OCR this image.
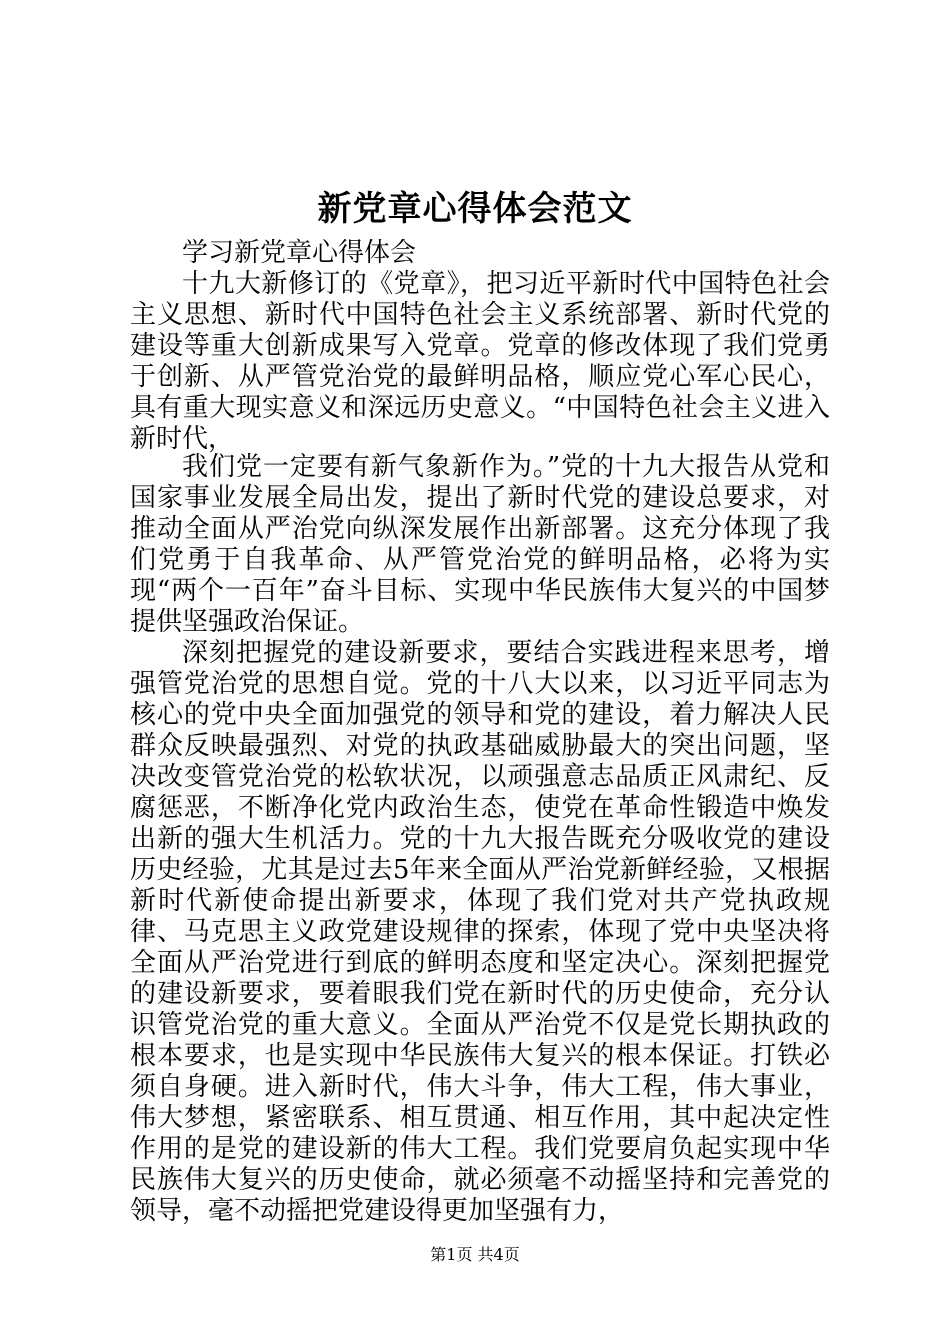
新党章心得体会范文

学习新党章心得体会

十九大新修订的《党章》，把习近平新时代中国特色社会主义思想、新时代中国特色社会主义系统部署、新时代党的建设等重大创新成果写入党章。党章的修改体现了我们党勇于创新、从严管党治党的最鲜明品格，顺应党心军心民心，具有重大现实意义和深远历史意义。“中国特色社会主义进入新时代，

我们党一定要有新气象新作为。”党的十九大报告从党和国家事业发展全局出发，提出了新时代党的建设总要求，对推动全面从严治党向纵深发展作出新部署。这充分体现了我们党勇于自我革命、从严管党治党的鲜明品格，必将为实现“两个一百年”奋斗目标、实现中华民族伟大复兴的中国梦提供坚强政治保证。

深刻把握党的建设新要求，要结合实践进程来思考，增强管党治党的思想自觉。党的十八大以来，以习近平同志为核心的党中央全面加强党的领导和党的建设，着力解决人民群众反映最强烈、对党的执政基础威胁最大的突出问题，坚决改变管党治党的松软状况，以顽强意志品质正风肃纪、反腐惩恶，不断净化党内政治生态，使党在革命性锻造中焕发出新的强大生机活力。党的十九大报告既充分吸收党的建设历史经验，尤其是过去5年来全面从严治党新鲜经验，又根据新时代新使命提出新要求，体现了我们党对共产党执政规律、马克思主义政党建设规律的探索，体现了党中央坚决将全面从严治党进行到底的鲜明态度和坚定决心。深刻把握党的建设新要求，要着眼我们党在新时代的历史使命，充分认识管党治党的重大意义。全面从严治党不仅是党长期执政的根本要求，也是实现中华民族伟大复兴的根本保证。打铁必须自身硬。进入新时代，伟大斗争，伟大工程，伟大事业，伟大梦想，紧密联系、相互贯通、相互作用，其中起决定性作用的是党的建设新的伟大工程。我们党要肩负起实现中华民族伟大复兴的历史使命，就必须毫不动摇坚持和完善党的领导，毫不动摇把党建设得更加坚强有力，

第1页 共4页
